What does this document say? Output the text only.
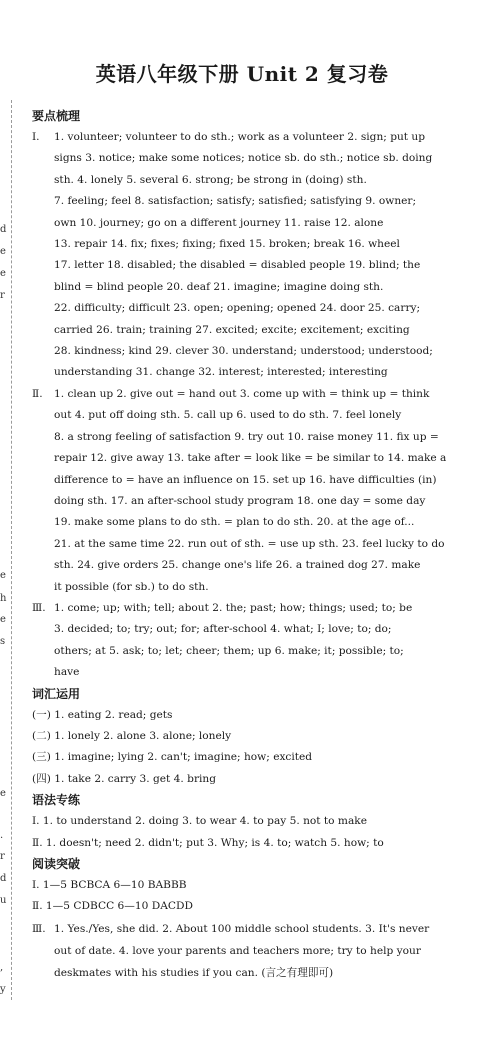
d
e
e
r
e
h
e
s
e
.
r
d
u
,
y
英语八年级下册 Unit 2 复习卷
要点梳理
Ⅰ. 1. volunteer; volunteer to do sth.; work as a volunteer 2. sign; put up
signs 3. notice; make some notices; notice sb. do sth.; notice sb. doing
sth. 4. lonely 5. several 6. strong; be strong in (doing) sth.
7. feeling; feel 8. satisfaction; satisfy; satisfied; satisfying 9. owner;
own 10. journey; go on a different journey 11. raise 12. alone
13. repair 14. fix; fixes; fixing; fixed 15. broken; break 16. wheel
17. letter 18. disabled; the disabled = disabled people 19. blind; the
blind = blind people 20. deaf 21. imagine; imagine doing sth.
22. difficulty; difficult 23. open; opening; opened 24. door 25. carry;
carried 26. train; training 27. excited; excite; excitement; exciting
28. kindness; kind 29. clever 30. understand; understood; understood;
understanding 31. change 32. interest; interested; interesting
Ⅱ. 1. clean up 2. give out = hand out 3. come up with = think up = think
out 4. put off doing sth. 5. call up 6. used to do sth. 7. feel lonely
8. a strong feeling of satisfaction 9. try out 10. raise money 11. fix up =
repair 12. give away 13. take after = look like = be similar to 14. make a
difference to = have an influence on 15. set up 16. have difficulties (in)
doing sth. 17. an after-school study program 18. one day = some day
19. make some plans to do sth. = plan to do sth. 20. at the age of...
21. at the same time 22. run out of sth. = use up sth. 23. feel lucky to do
sth. 24. give orders 25. change one's life 26. a trained dog 27. make
it possible (for sb.) to do sth.
Ⅲ. 1. come; up; with; tell; about 2. the; past; how; things; used; to; be
3. decided; to; try; out; for; after-school 4. what; I; love; to; do;
others; at 5. ask; to; let; cheer; them; up 6. make; it; possible; to;
have
词汇运用
(一) 1. eating 2. read; gets
(二) 1. lonely 2. alone 3. alone; lonely
(三) 1. imagine; lying 2. can't; imagine; how; excited
(四) 1. take 2. carry 3. get 4. bring
语法专练
Ⅰ. 1. to understand 2. doing 3. to wear 4. to pay 5. not to make
Ⅱ. 1. doesn't; need 2. didn't; put 3. Why; is 4. to; watch 5. how; to
阅读突破
Ⅰ. 1—5 BCBCA 6—10 BABBB
Ⅱ. 1—5 CDBCC 6—10 DACDD
Ⅲ. 1. Yes./Yes, she did. 2. About 100 middle school students. 3. It's never
out of date. 4. love your parents and teachers more; try to help your
deskmates with his studies if you can. (言之有理即可)
